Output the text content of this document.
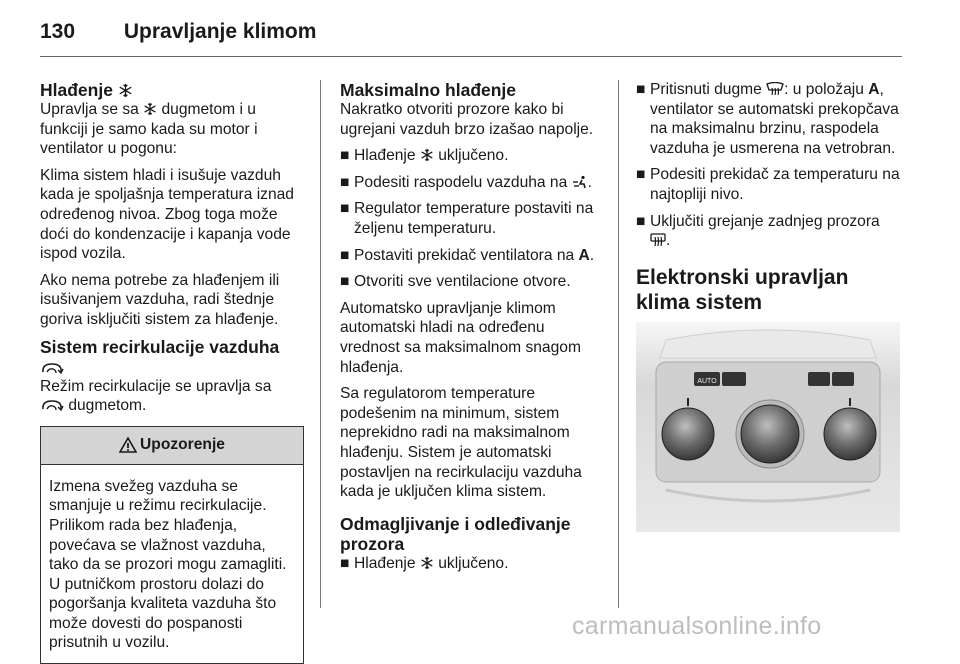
130 Upravljanje klimom
Hlađenje

Upravlja se sa  dugmetom i u funkciji je samo kada su motor i ventilator u pogonu:

Klima sistem hladi i isušuje vazduh kada je spoljašnja temperatura iznad određenog nivoa. Zbog toga može doći do kondenzacije i kapanja vode ispod vozila.

Ako nema potrebe za hlađenjem ili isušivanjem vazduha, radi štednje goriva isključiti sistem za hlađenje.

Sistem recirkulacije vazduha

Režim recirkulacije se upravlja sa
dugmetom.

Upozorenje
Izmena svežeg vazduha se smanjuje u režimu recirkulacije. Prilikom rada bez hlađenja, povećava se vlažnost vazduha, tako da se prozori mogu zamagliti. U putničkom prostoru dolazi do pogoršanja kvaliteta vazduha što može dovesti do pospanosti prisutnih u vozilu.
Maksimalno hlađenje

Nakratko otvoriti prozore kako bi ugrejani vazduh brzo izašao napolje.

■ Hlađenje  uključeno.
■ Podesiti raspodelu vazduha na .
■ Regulator temperature postaviti na željenu temperaturu.
■ Postaviti prekidač ventilatora na A.
■ Otvoriti sve ventilacione otvore.

Automatsko upravljanje klimom automatski hladi na određenu vrednost sa maksimalnom snagom hlađenja.

Sa regulatorom temperature podešenim na minimum, sistem neprekidno radi na maksimalnom hlađenju. Sistem je automatski postavljen na recirkulaciju vazduha kada je uključen klima sistem.

Odmagljivanje i odleđivanje prozora
■ Hlađenje  uključeno.
■ Pritisnuti dugme : u položaju A, ventilator se automatski prekopčava na maksimalnu brzinu, raspodela vazduha je usmerena na vetrobran.
■ Podesiti prekidač za temperaturu na najtopliji nivo.
■ Uključiti grejanje zadnjeg prozora
.
Elektronski upravljan klima sistem
AUTO
carmanualsonline.info
